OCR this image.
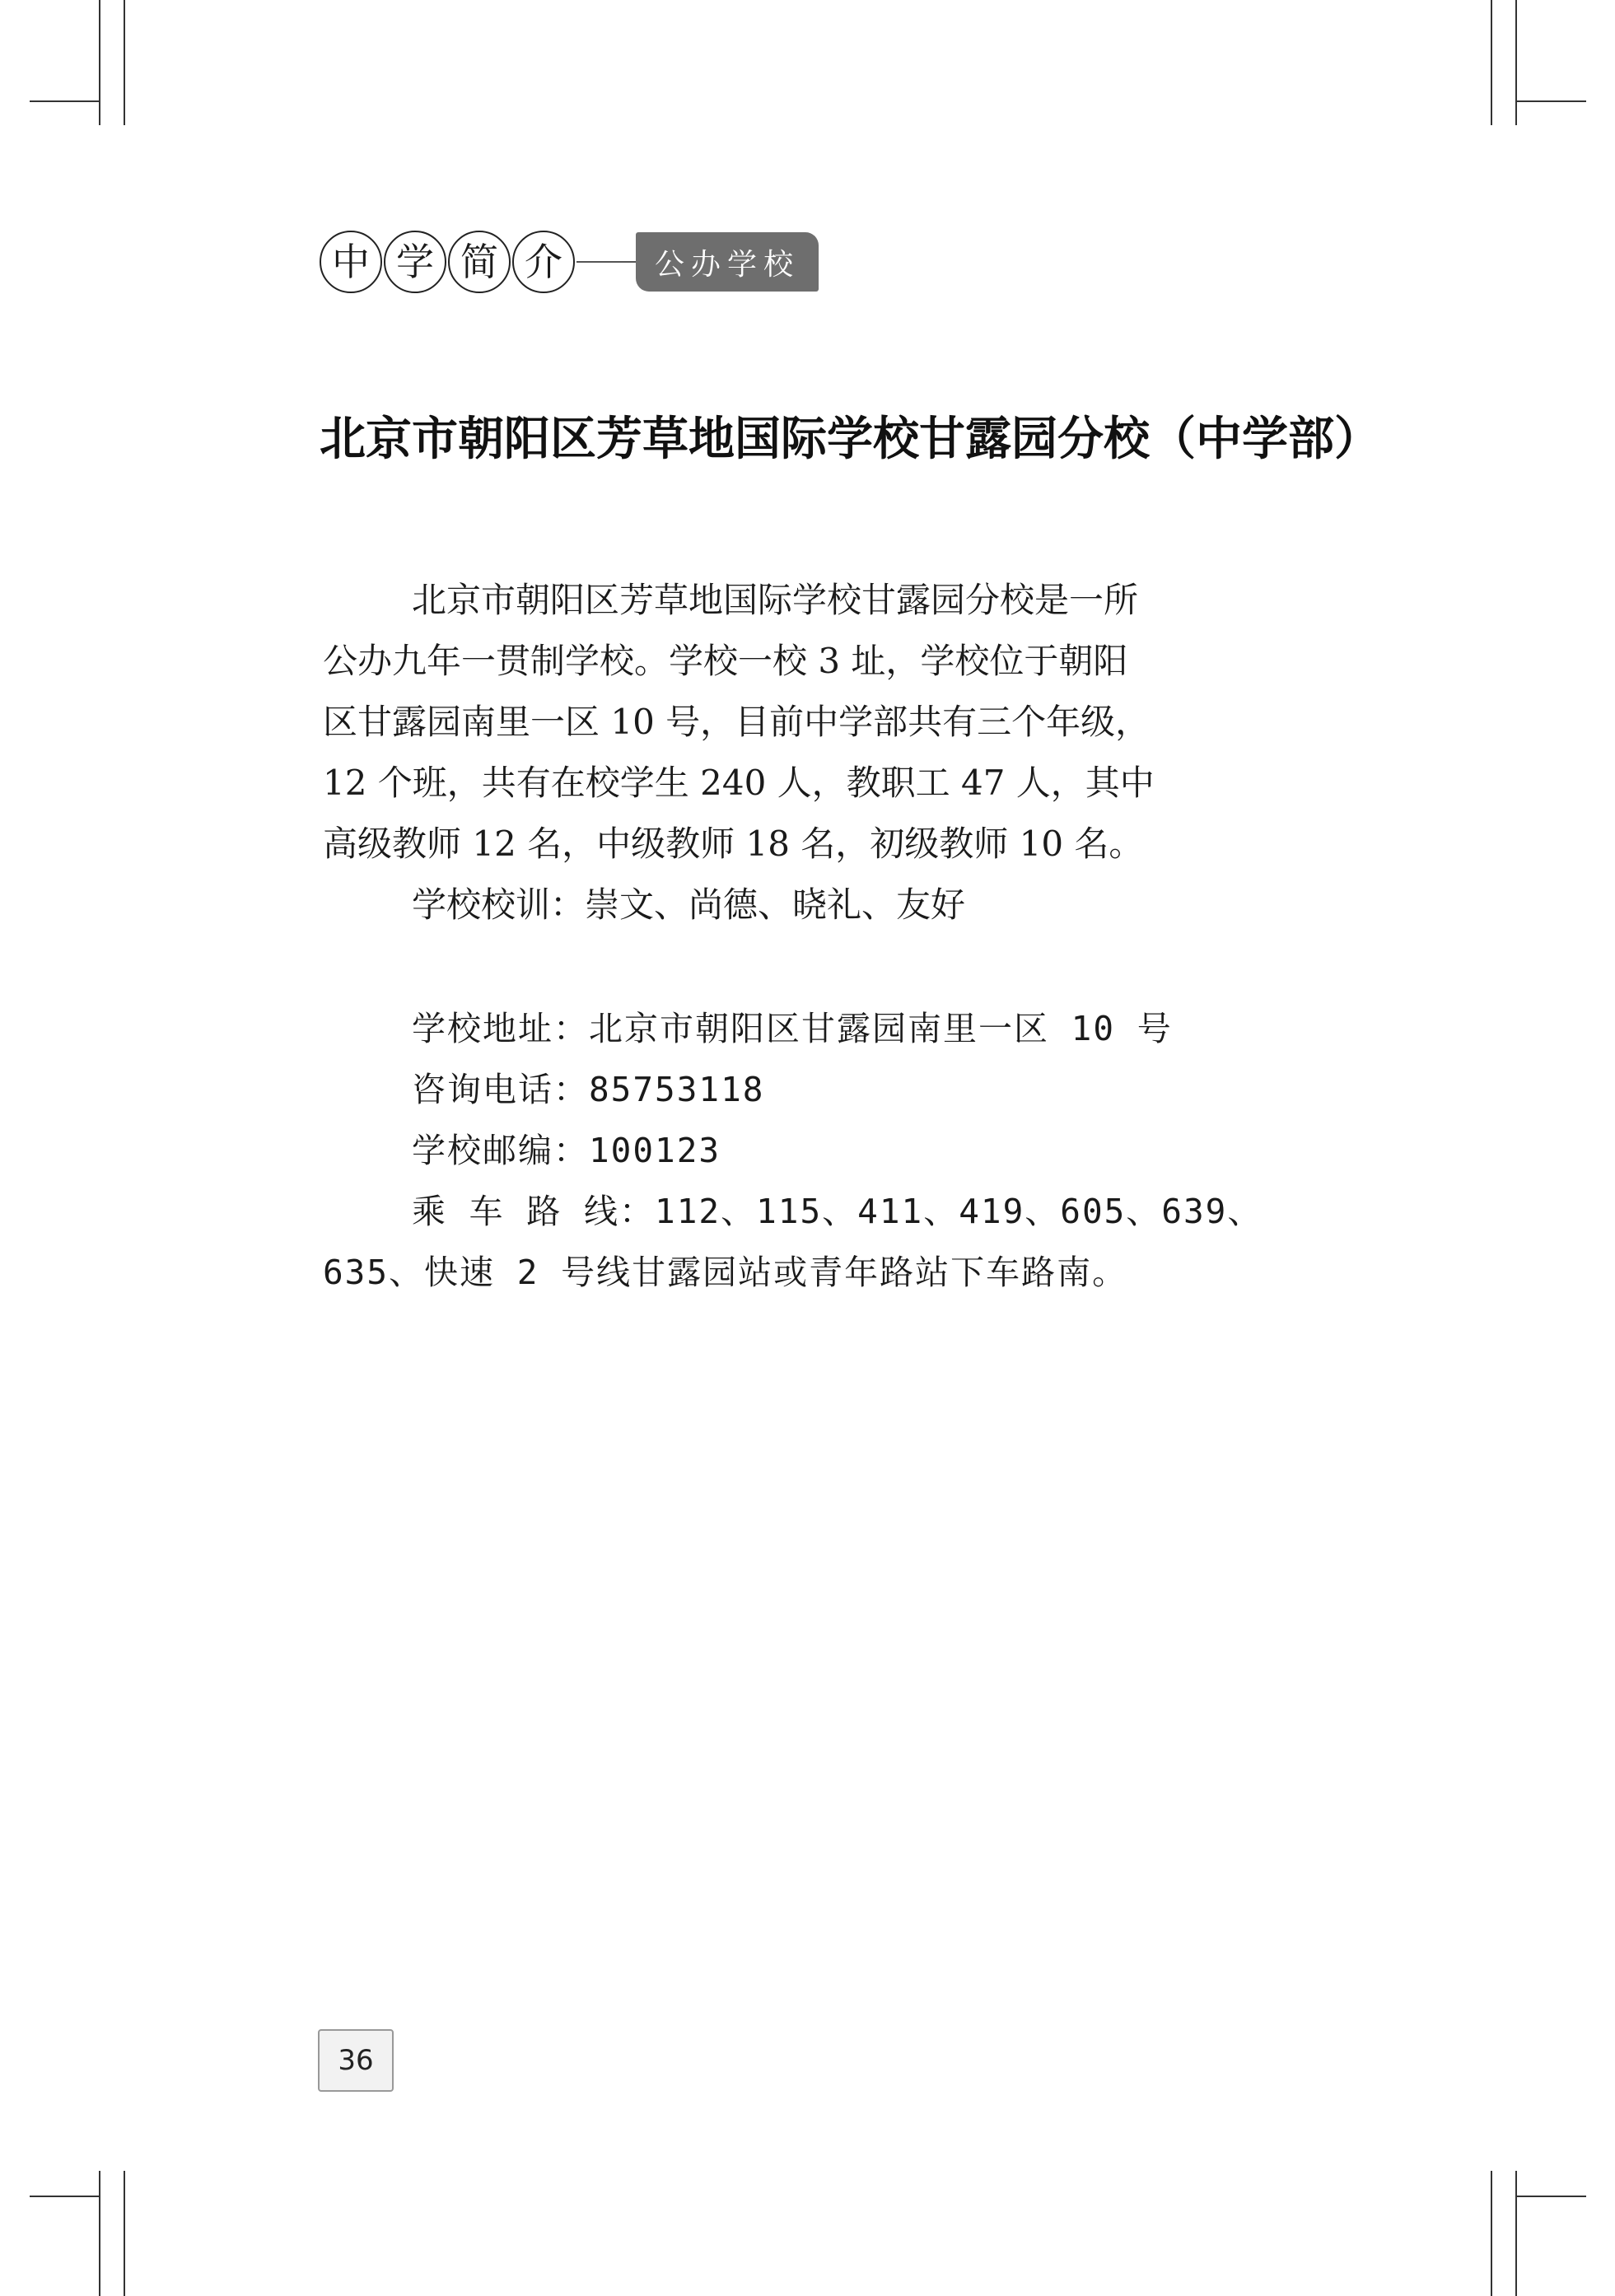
中 学 简 介	公办学校
北京市朝阳区芳草地国际学校甘露园分校（中学部）
北京市朝阳区芳草地国际学校甘露园分校是一所
公办九年一贯制学校。学校一校 3 址，学校位于朝阳
区甘露园南里一区 10 号，目前中学部共有三个年级，
12 个班，共有在校学生 240 人，教职工 47 人，其中
高级教师 12 名，中级教师 18 名，初级教师 10 名。
学校校训：崇文、尚德、晓礼、友好
学校地址：北京市朝阳区甘露园南里一区 10 号
咨询电话：85753118
学校邮编：100123
乘 车 路 线：112、115、411、419、605、639、
635、快速 2 号线甘露园站或青年路站下车路南。
36
